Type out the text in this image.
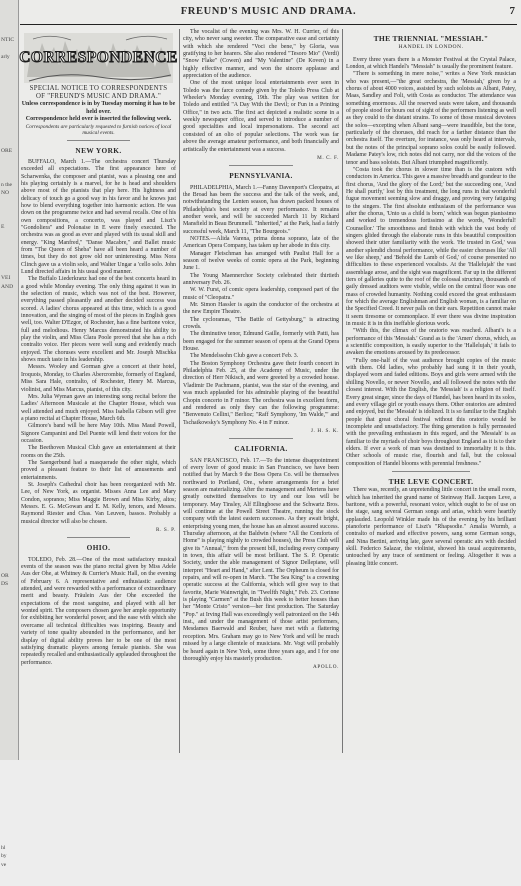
NTIC
arly
ORE
n the
NO
E
VEI
AND
OR
DS
hl
by
ve
FREUND'S MUSIC AND DRAMA.	7
CORRESPONDENCE
SPECIAL NOTICE TO CORRESPONDENTS
OF "FREUND'S MUSIC AND DRAMA."
Unless correspondence is in by Tuesday morning it has to be held over.
Correspondence held over is inserted the following week.
Correspondents are particularly requested to furnish notices of local musical events.
NEW YORK.

BUFFALO, March 1.—The orchestra concert Thursday exceeded all expectations. The first appearance here of Scharwenka, the composer and pianist, was a pleasing one and his playing certainly is a marvel, for he is head and shoulders above most of the pianists that play here. His lightness and delicacy of touch go a good way in his favor and he knows just how to blend everything together into harmonic action. He was down on the programme twice and had several recalls. One of his own compositions, a concerto, was played and Liszt's "Gondoliera" and Polonaise in E were finely executed. The orchestra was as good as ever and played with its usual skill and energy. "King Manfred," "Danse Macabre," and Ballet music from "The Queen of Sheba" have all been heard a number of times, but they do not grow old nor uninteresting. Miss Nora Clinch gave us a violin solo, and Walter Ungar a 'cello solo. John Lund directed affairs in his usual good manner.

The Buffalo Liederkranz had one of the best concerts heard in a good while Monday evening. The only thing against it was in the selection of music, which was not of the best. However, everything passed pleasantly and another decided success was scored. A ladies' chorus appeared at this time, which is a good innovation, and the singing of most of the pieces in English goes well, too. Walter D'Ezgor, of Rochester, has a fine baritone voice, full and melodious. Henry Marcus demonstrated his ability to play the violin, and Miss Clara Poole proved that she has a rich contralto voice. Her pieces were well sung and evidently much enjoyed. The choruses were excellent and Mr. Joseph Mischka shows much taste in his leadership.

Messrs. Wooley and Gorman give a concert at their hotel, Iroquois, Monday, to Charles Abercrombie, formerly of England, Miss Sara Hale, contralto, of Rochester, Henry M. Marcus, violinist, and Miss Marcus, pianist, of this city.

Mrs. Julia Wyman gave an interesting song recital before the Ladies' Afternoon Musicale at the Chapter House, which was well attended and much enjoyed. Miss Isabella Gibson will give a piano recital at Chapter House, March 6th.

Gilmore's band will be here May 10th. Miss Maud Powell, Signore Campanini and Del Puente will lend their voices for the occasion.

The Beethoven Musical Club gave an entertainment at their rooms on the 25th.

The Saengerbund had a masquerade the other night, which proved a pleasant feature to their list of amusements and entertainments.

St. Joseph's Cathedral choir has been reorganized with Mr. Lee, of New York, as organist. Misses Anna Lee and Mary Condon, sopranos; Miss Maggie Brown and Miss Kirby, altos; Messrs. E. G. McGowan and E. M. Kelly, tenors, and Messrs. Raymond Riester and Chas. Van Leuven, bassos. Probably a musical director will also be chosen.

R. S. P.
OHIO.

TOLEDO, Feb. 28.—One of the most satisfactory musical events of the season was the piano recital given by Miss Adele Aus der Ohe, at Whitney & Currier's Music Hall, on the evening of February 6. A representative and enthusiastic audience attended, and were rewarded with a performance of extraordinary merit and beauty. Fräulein Aus der Ohe exceeded the expectations of the most sanguine, and played with all her wonted spirit. The composers chosen gave her ample opportunity for exhibiting her wonderful power, and the ease with which she overcame all technical difficulties was inspiring. Beauty and variety of tone quality abounded in the performance, and her display of digital ability proves her to be one of the most satisfying dramatic players among female pianists. She was repeatedly recalled and enthusiastically applauded throughout the performance.

The vocalist of the evening was Mrs. W. H. Currier, of this city, who never sang sweeter. The comparative ease and certainty with which she rendered "Voci che bene," by Gloria, was gratifying to her hearers. She also rendered "Tesoro Mio" (Verdi) "Snow Flake" (Cowen) and "My Valentine" (De Koven) in a highly effective manner, and won the sincere applause and appreciation of the audience.

One of the most unique local entertainments ever seen in Toledo was the farce comedy given by the Toledo Press Club at Wheeler's Monday evening, 19th. The play was written for Toledo and entitled "A Day With the Devil; or Fun in a Printing Office," in two acts. The first act depicted a realistic scene in a weekly newspaper office, and served to introduce a number of good specialties and local impersonations. The second act consisted of an olio of popular selections. The work was far above the average amateur performance, and both financially and artistically the entertainment was a success.

M. C. F.
PENNSYLVANIA.

PHILADELPHIA, March 1.—Fanny Davenport's Cleopatra, at the Broad has been the success and the talk of the week, and, notwithstanding the Lenten season, has drawn packed houses of Philadelphia's best society at every performance. It remains another week, and will be succeeded March 11 by Richard Mansfield in Beau Brummell. "Inherited," at the Park, had a fairly successful week, March 11, "The Bourgeois."

NOTES.—Alida Varena, prima donna soprano, late of the American Opera Company, has taken up her abode in this city.

Manager Fleischman has arranged with Paulist Hall for a season of twelve weeks of comic opera at the Park, beginning June 1.

The Young Maennerchor Society celebrated their thirtieth anniversary Feb. 26.

W. W. Furst, of comic opera leadership, composed part of the music of "Cleopatra."

Mr. Simon Hassler is again the conductor of the orchestra at the new Empire Theatre.

The cycloramas, "The Battle of Gettysburg," is attracting crowds.

The diminutive tenor, Edmund Gaille, formerly with Patti, has been engaged for the summer season of opera at the Grand Opera House.

The Mendelssohn Club gave a concert Feb. 3.

The Boston Symphony Orchestra gave their fourth concert in Philadelphia Feb. 25, at the Academy of Music, under the direction of Herr Nikisch, and were greeted by a crowded house. Vladimir De Pachmann, pianist, was the star of the evening, and was much applauded for his admirable playing of the beautiful Chopin concerto in F minor. The orchestra was in excellent form, and rendered as only they can the following programme: "Benvenuto Cellini," Berlioz; "Raff Symphony, 'Im Walde,'" and Tschaikowsky's Symphony No. 4 in F minor.

J. H. S. K.
CALIFORNIA.

SAN FRANCISCO, Feb. 17.—To the intense disappointment of every lover of good music in San Francisco, we have been notified that by March 9 the Boss Opera Co. will be themselves northward to Portland, Ore., where arrangements for a brief season are materializing. After the management and Mertens have greatly outwitted themselves to try and our loss will be temporary. May Tinsley, Alf Ellingboese and the Schwartz Bros. will continue at the Powell Street Theatre, running the stock company with the latest eastern successes. As they await bright, enterprising young men, the house has an almost assured success. Thursday afternoon, at the Baldwin (where "All the Comforts of Home" is playing nightly to crowded houses), the Press Club will give its "Annual," from the present bill, including every company in town, this affair will be most brilliant. The S. P. Operatic Society, under the able management of Signor Dellepiane, will interpret "Heart and Hand," after Lent. The Orpheum is closed for repairs, and will re-open in March. "The Sea King" is a crowning operatic success at the California, which will give way to that favorite, Marie Wainwright, in "Twelfth Night," Feb. 23. Corinne is playing "Carmen" at the Bush this week to better houses than her "Monte Cristo" version—her first production. The Saturday "Pop." at Irving Hall was exceedingly well patronized on the 14th inst., and under the management of those artist performers, Mesdames Baerwald and Reuber, have met with a flattering reception. Mrs. Graham may go to New York and will be much missed by a large clientele of musicians. Mr. Vogt will probably be heard again in New York, some three years ago, and I for one thoroughly enjoy his masterly production.

APOLLO.
THE TRIENNIAL "MESSIAH."
HANDEL IN LONDON.

Every three years there is a Monster Festival at the Crystal Palace, London, at which Handel's "Messiah" is usually the prominent feature.

"There is something in mere noise," writes a New York musician who was present,—"the great orchestra, the 'Messiah,' given by a chorus of about 4000 voices, assisted by such soloists as Albani, Patey, Maas, Sandley and Foli, with Costa as conductor. The attendance was something enormous. All the reserved seats were taken, and thousands of people stood for hours out of sight of the performers listening as well as they could to the distant strains. To some of those musical devotees the solos—excepting when Albani sang—were inaudible, but the tone, particularly of the choruses, did reach for a farther distance than the orchestra itself. The overture, for instance, was only heard at intervals, but the notes of the principal soprano solos could be easily followed. Madame Patey's low, rich notes did not carry, nor did the voices of the tenor and bass soloists. But Albani triumphed magnificently.

"Costa took the chorus in slower time than is the custom with conductors in America. This gave a massive breadth and grandeur to the first chorus, 'And the glory of the Lord;' but the succeeding one, 'And He shall purify,' lost by this treatment, the long runs in that wonderful fugue movement seeming slow and draggy, and proving very fatiguing to the singers. The first absolute enthusiasm of the performance was after the chorus, 'Unto us a child is born,' which was begun pianissimo and worked to tremendous fortissimo at the words, 'Wonderful! Counsellor.' The smoothness and finish with which the vast body of singers glided through the elaborate runs in this beautiful composition showed their utter familiarity with the work. 'He trusted in God,' was another splendid choral performance, while the easier choruses like 'All we like sheep,' and 'Behold the Lamb of God,' of course presented no difficulties to these experienced vocalists. At the 'Hallelujah' the vast assemblage arose, and the sight was magnificent. Far up in the different tiers of galleries quite to the roof of the colossal structure, thousands of gaily dressed auditors were visible, while on the central floor was one mass of crowded humanity. Nothing could exceed the great enthusiasm for which the average Englishman and English woman, is a familiar on the Specified Creed. It never palls on their ears. Repetition cannot make it seem tiresome or commonplace. If ever there was divine inspiration in music it is in this ineffable glorious work.

"With this, the climax of the oratorio was reached. Albani's is a performance of this 'Messiah.' Grand as is the 'Amen' chorus, which, as a scientific composition, is easily superior to the 'Hallelujah,' it fails to awaken the emotions aroused by its predecessor.

"Fully one-half of the vast audience brought copies of the music with them. Old ladies, who probably had sung it in their youth, displayed worn and faded editions. Boys and girls were armed with the shilling Novello, or newer Novello, and all followed the notes with the closest interest. With the English, the 'Messiah' is a religion of itself. Every great singer, since the days of Handel, has been heard in its solos, and every village girl or youth essays them. Other oratorios are admired and enjoyed, but the 'Messiah' is idolized. It is so familiar to the English people that great choral festival without this oratorio would be incomplete and unsatisfactory. The thing generation is fully permeated with the prevailing enthusiasm in this regard, and the 'Messiah' is as familiar to the myriads of choir boys throughout England as it is to their elders. If ever a work of man was destined to immortality it is this. Other schools of music rise, flourish and fall, but the colossal composition of Handel blooms with perennial freshness."

THE LEVE CONCERT.

There was, recently, an unpretending little concert in the small room, which has inherited the grand name of Steinway Hall. Jacques Leve, a baritone, with a powerful, resonant voice, which ought to be of use on the stage, sang several German songs and arias, which were heartily applauded. Leopold Winkler made his of the evening by his brilliant pianoforte performance of Liszt's "Rhapsodie." Amalia Wurmb, a contralto of marked and effective powers, sang some German songs, and Nina Bertini, arriving late, gave several operatic airs with decided skill. Federico Salazar, the violinist, showed his usual acquirements, untouched by any trace of sentiment or feeling. Altogether it was a pleasing little concert.
